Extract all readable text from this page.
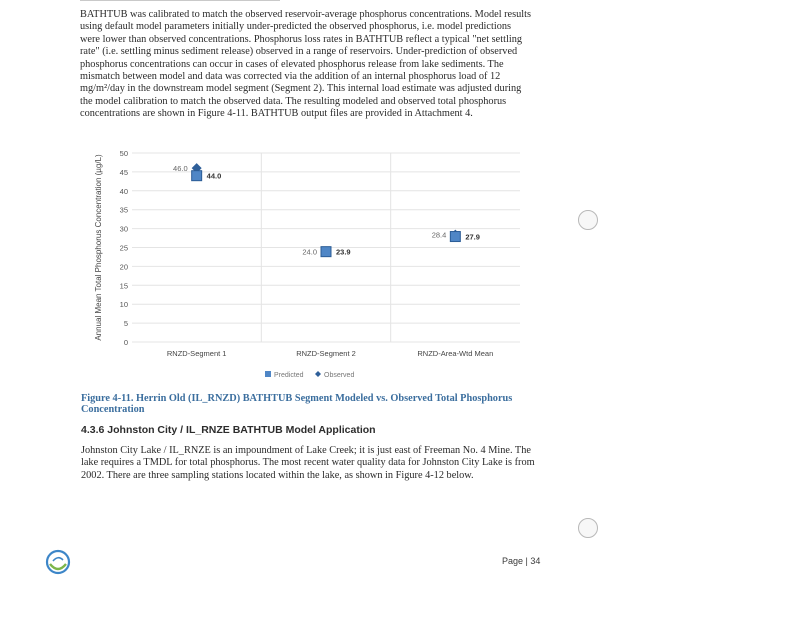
BATHTUB was calibrated to match the observed reservoir-average phosphorus concentrations. Model results using default model parameters initially under-predicted the observed phosphorus, i.e. model predictions were lower than observed concentrations. Phosphorus loss rates in BATHTUB reflect a typical "net settling rate" (i.e. settling minus sediment release) observed in a range of reservoirs. Under-prediction of observed phosphorus concentrations can occur in cases of elevated phosphorus release from lake sediments. The mismatch between model and data was corrected via the addition of an internal phosphorus load of 12 mg/m²/day in the downstream model segment (Segment 2). This internal load estimate was adjusted during the model calibration to match the observed data. The resulting modeled and observed total phosphorus concentrations are shown in Figure 4-11. BATHTUB output files are provided in Attachment 4.

0
5
10
15
20
25
30
35
40
45
50
Annual Mean Total Phosphorus Concentration (µg/L)
RNZD-Segment 1	RNZD-Segment 2	RNZD-Area-Wtd Mean
46.0
44.0
24.0	23.9
28.4	27.9
Predicted	Observed

Figure 4-11. Herrin Old (IL_RNZD) BATHTUB Segment Modeled vs. Observed Total Phosphorus Concentration

4.3.6 Johnston City / IL_RNZE BATHTUB Model Application

Johnston City Lake / IL_RNZE is an impoundment of Lake Creek; it is just east of Freeman No. 4 Mine. The lake requires a TMDL for total phosphorus. The most recent water quality data for Johnston City Lake is from 2002. There are three sampling stations located within the lake, as shown in Figure 4-12 below.

Page | 34
